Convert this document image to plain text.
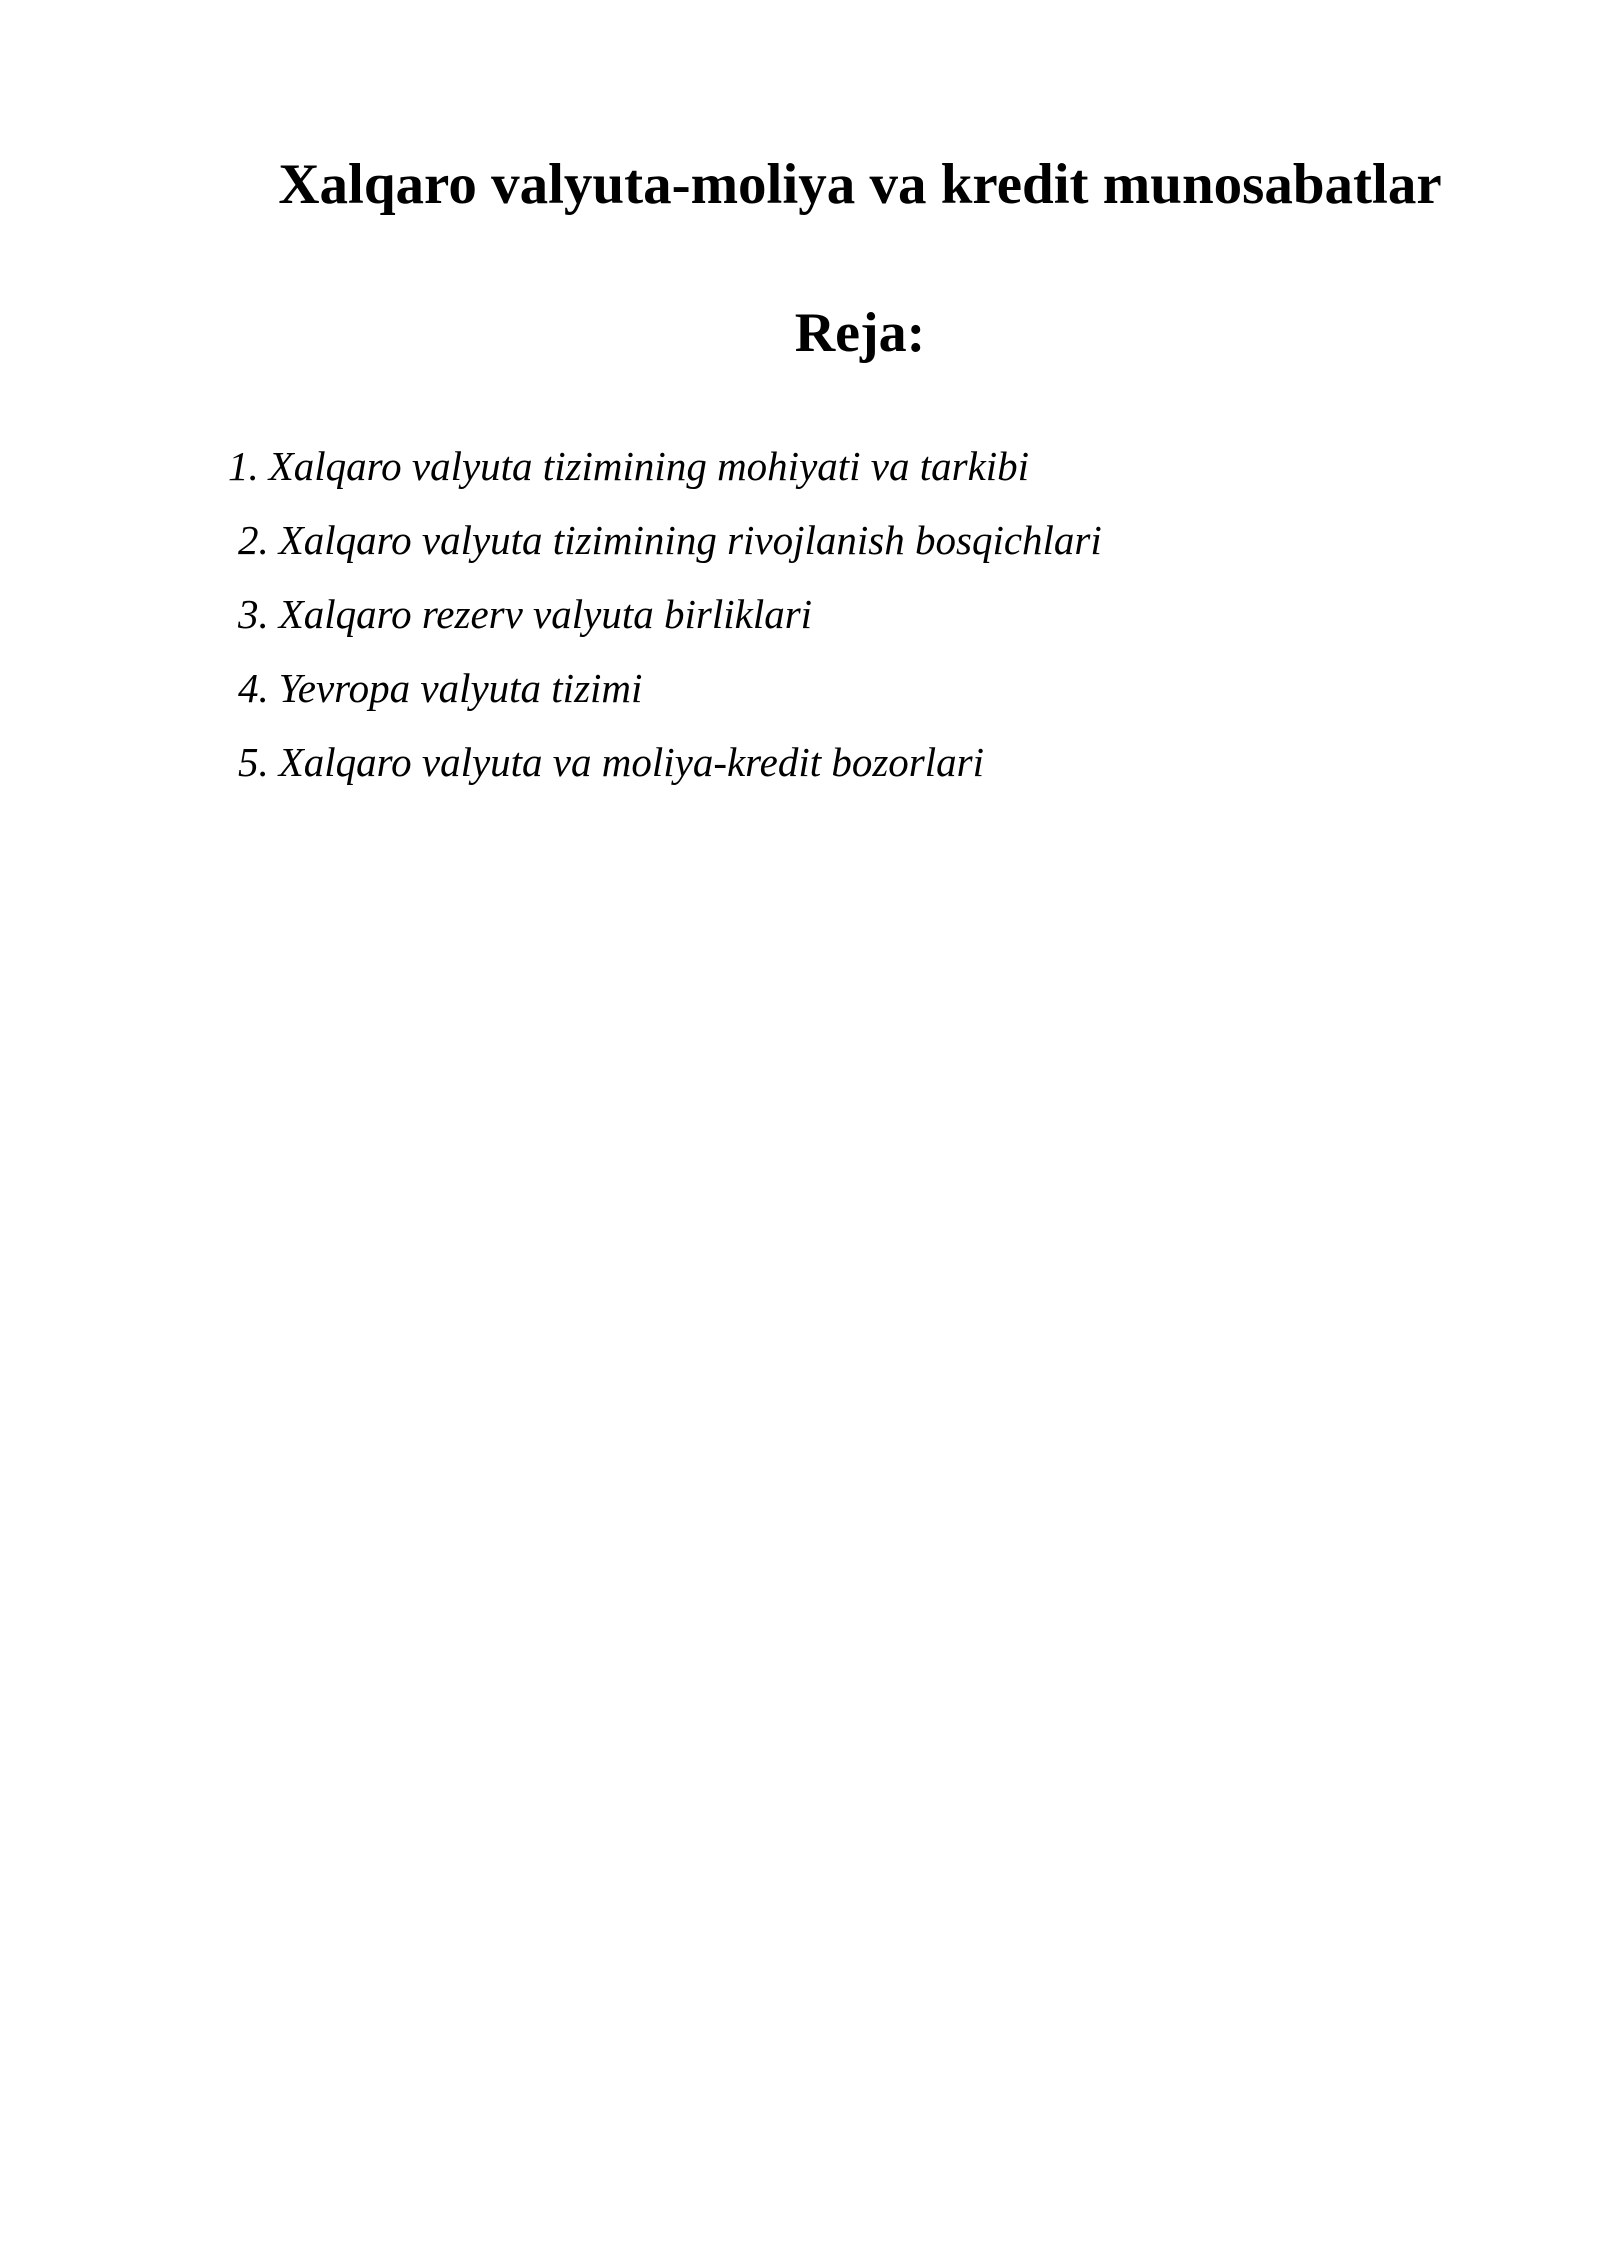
Xalqaro valyuta-moliya va kredit munosabatlar
Reja:
1. Xalqaro valyuta tizimining mohiyati va tarkibi
2. Xalqaro valyuta tizimining rivojlanish bosqichlari
3. Xalqaro rezerv valyuta birliklari
4. Yevropa valyuta tizimi
5. Xalqaro valyuta va moliya-kredit bozorlari
